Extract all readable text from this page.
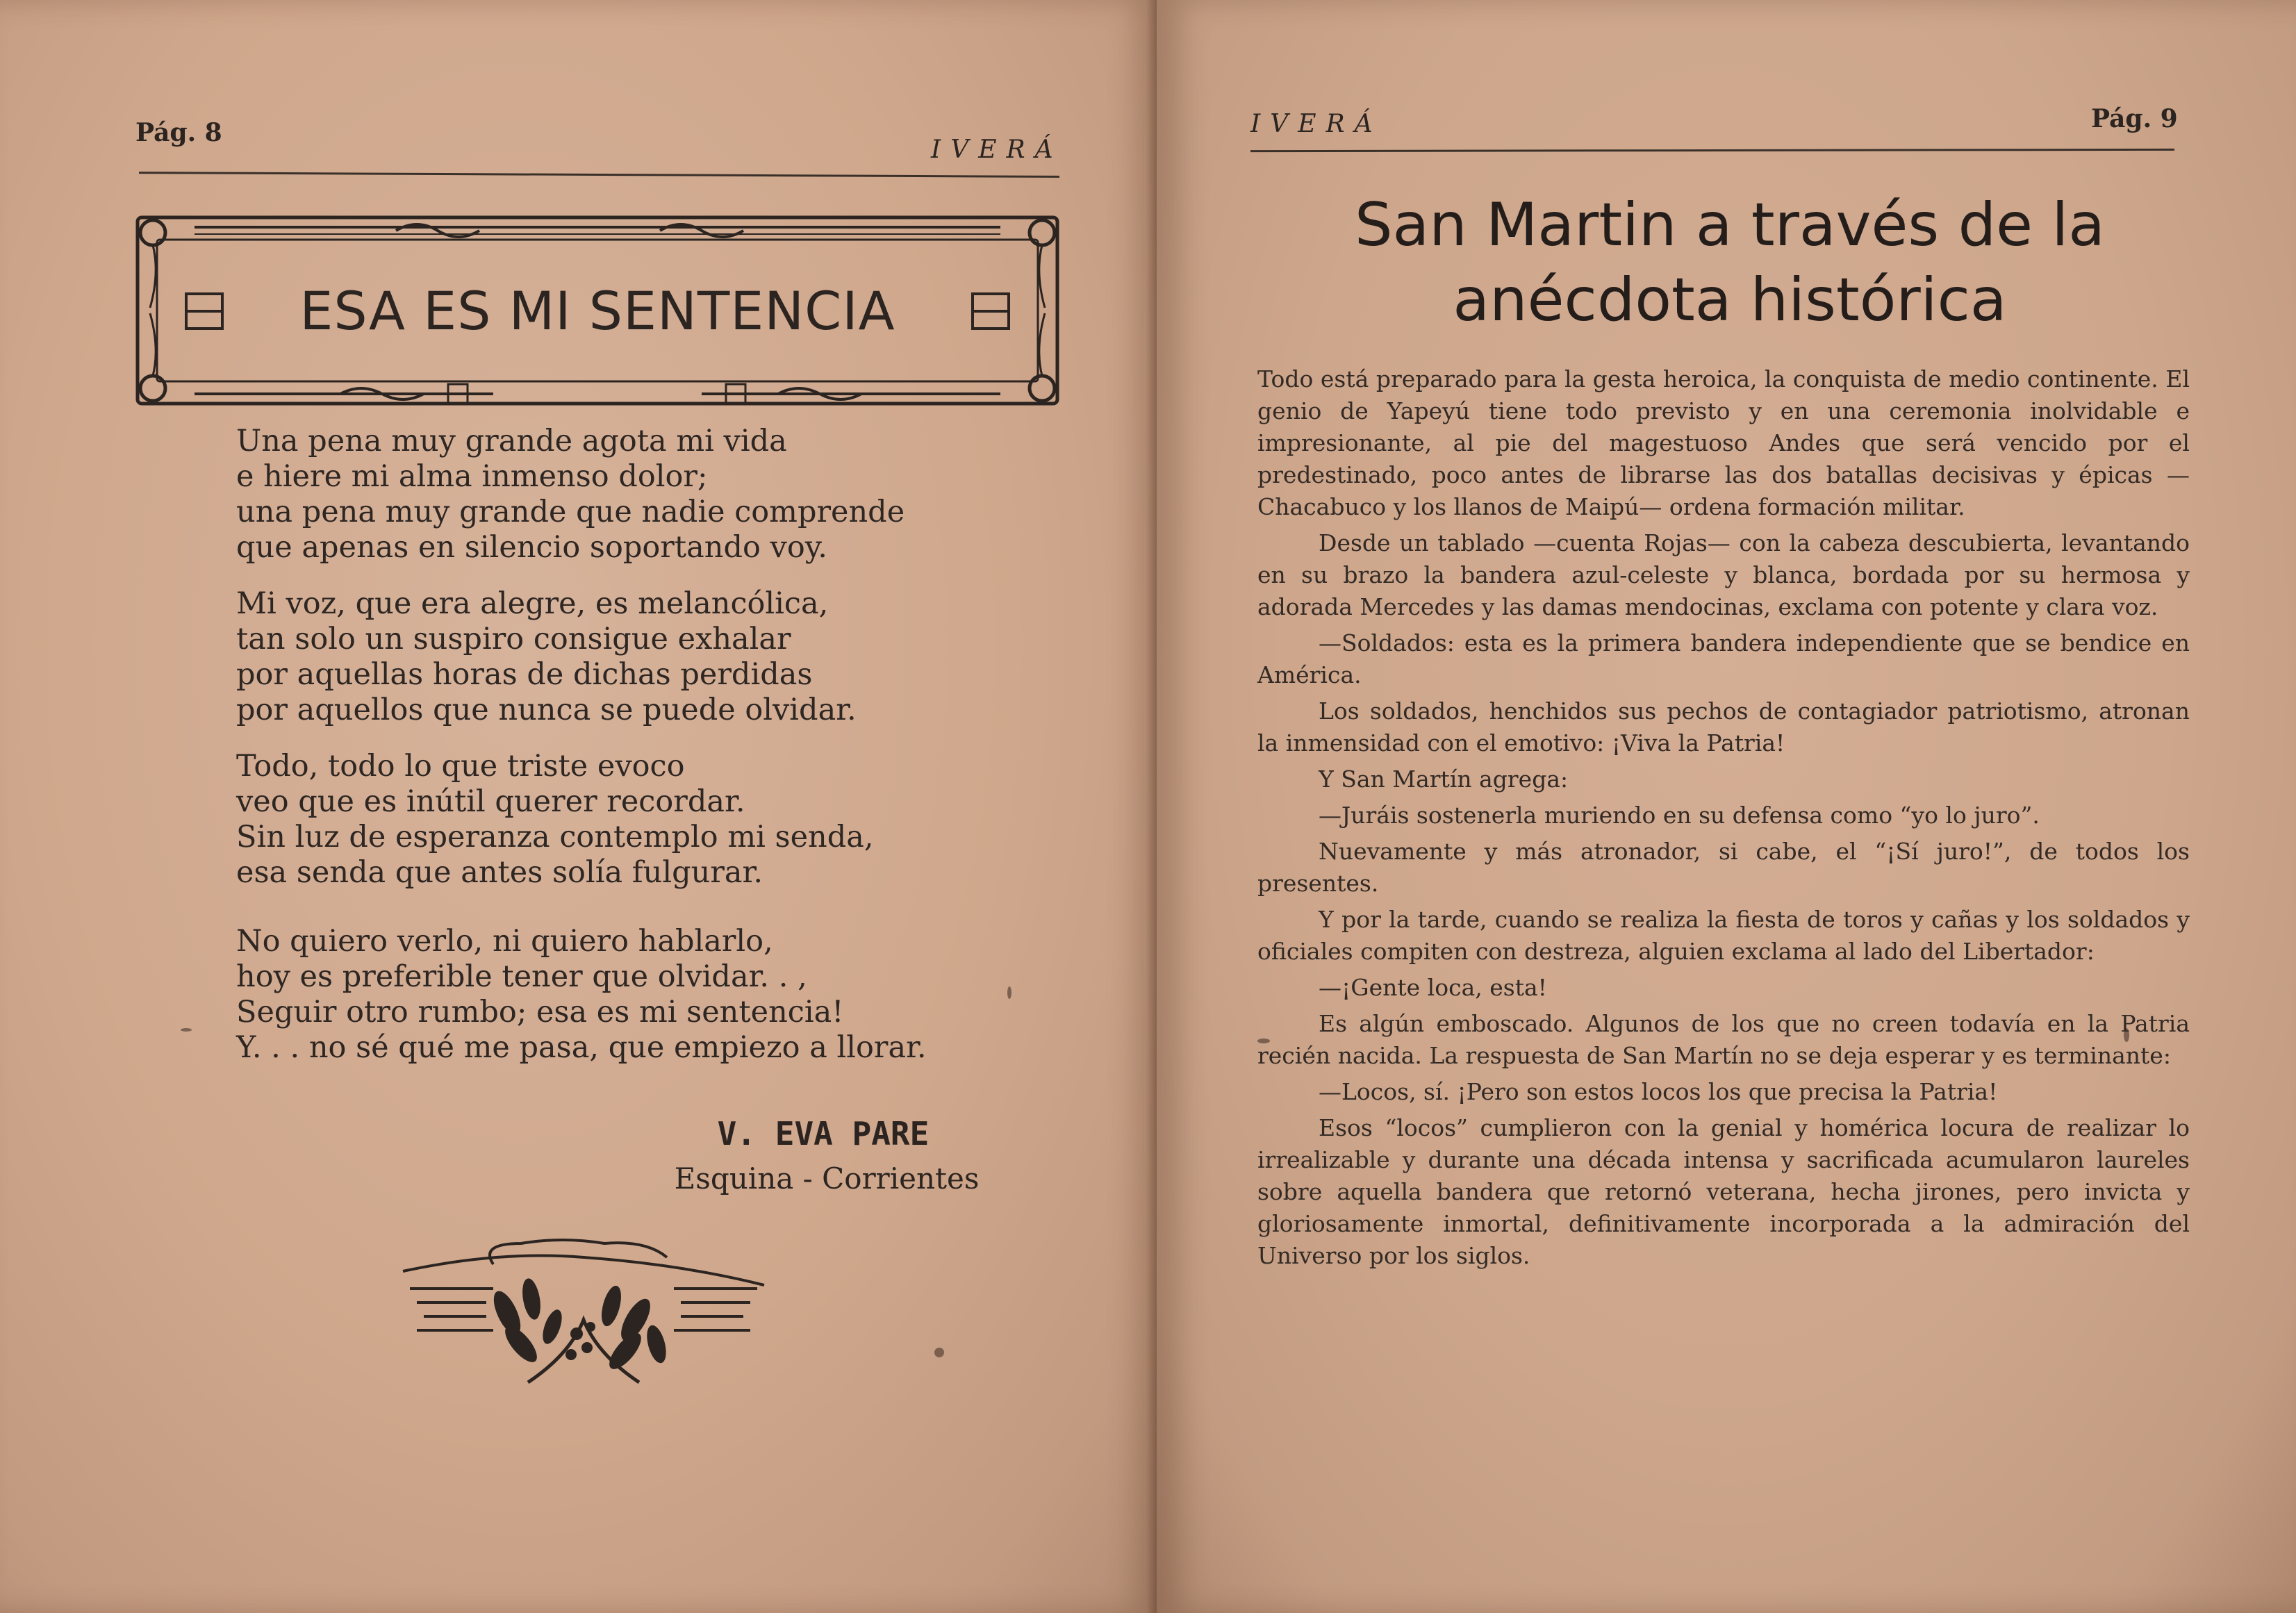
Pág. 8
IVERÁ
ESA ES MI SENTENCIA
Una pena muy grande agota mi vida
e hiere mi alma inmenso dolor;
una pena muy grande que nadie comprende
que apenas en silencio soportando voy.
Mi voz, que era alegre, es melancólica,
tan solo un suspiro consigue exhalar
por aquellas horas de dichas perdidas
por aquellos que nunca se puede olvidar.
Todo, todo lo que triste evoco
veo que es inútil querer recordar.
Sin luz de esperanza contemplo mi senda,
esa senda que antes solía fulgurar.
No quiero verlo, ni quiero hablarlo,
hoy es preferible tener que olvidar. . ,
Seguir otro rumbo; esa es mi sentencia!
Y. . . no sé qué me pasa, que empiezo a llorar.
V. EVA PARE
Esquina - Corrientes
IVERÁ	Pág. 9
San Martin a través de la
anécdota histórica

Todo está preparado para la gesta heroica, la conquista de medio continente. El genio de Yapeyú tiene todo previsto y en una ceremonia inolvidable e impresionante, al pie del magestuoso Andes que será vencido por el predestinado, poco antes de librarse las dos batallas decisivas y épicas —Chacabuco y los llanos de Maipú— ordena formación militar.

Desde un tablado —cuenta Rojas— con la cabeza descubierta, levantando en su brazo la bandera azul-celeste y blanca, bordada por su hermosa y adorada Mercedes y las damas mendocinas, exclama con potente y clara voz.

—Soldados: esta es la primera bandera independiente que se bendice en América.

Los soldados, henchidos sus pechos de contagiador patriotismo, atronan la inmensidad con el emotivo: ¡Viva la Patria!

Y San Martín agrega:

—Juráis sostenerla muriendo en su defensa como “yo lo juro”.

Nuevamente y más atronador, si cabe, el “¡Sí juro!”, de todos los presentes.

Y por la tarde, cuando se realiza la fiesta de toros y cañas y los soldados y oficiales compiten con destreza, alguien exclama al lado del Libertador:

—¡Gente loca, esta!

Es algún emboscado. Algunos de los que no creen todavía en la Patria recién nacida. La respuesta de San Martín no se deja esperar y es terminante:

—Locos, sí. ¡Pero son estos locos los que precisa la Patria!

Esos “locos” cumplieron con la genial y homérica locura de realizar lo irrealizable y durante una década intensa y sacrificada acumularon laureles sobre aquella bandera que retornó veterana, hecha jirones, pero invicta y gloriosamente inmortal, definitivamente incorporada a la admiración del Universo por los siglos.
